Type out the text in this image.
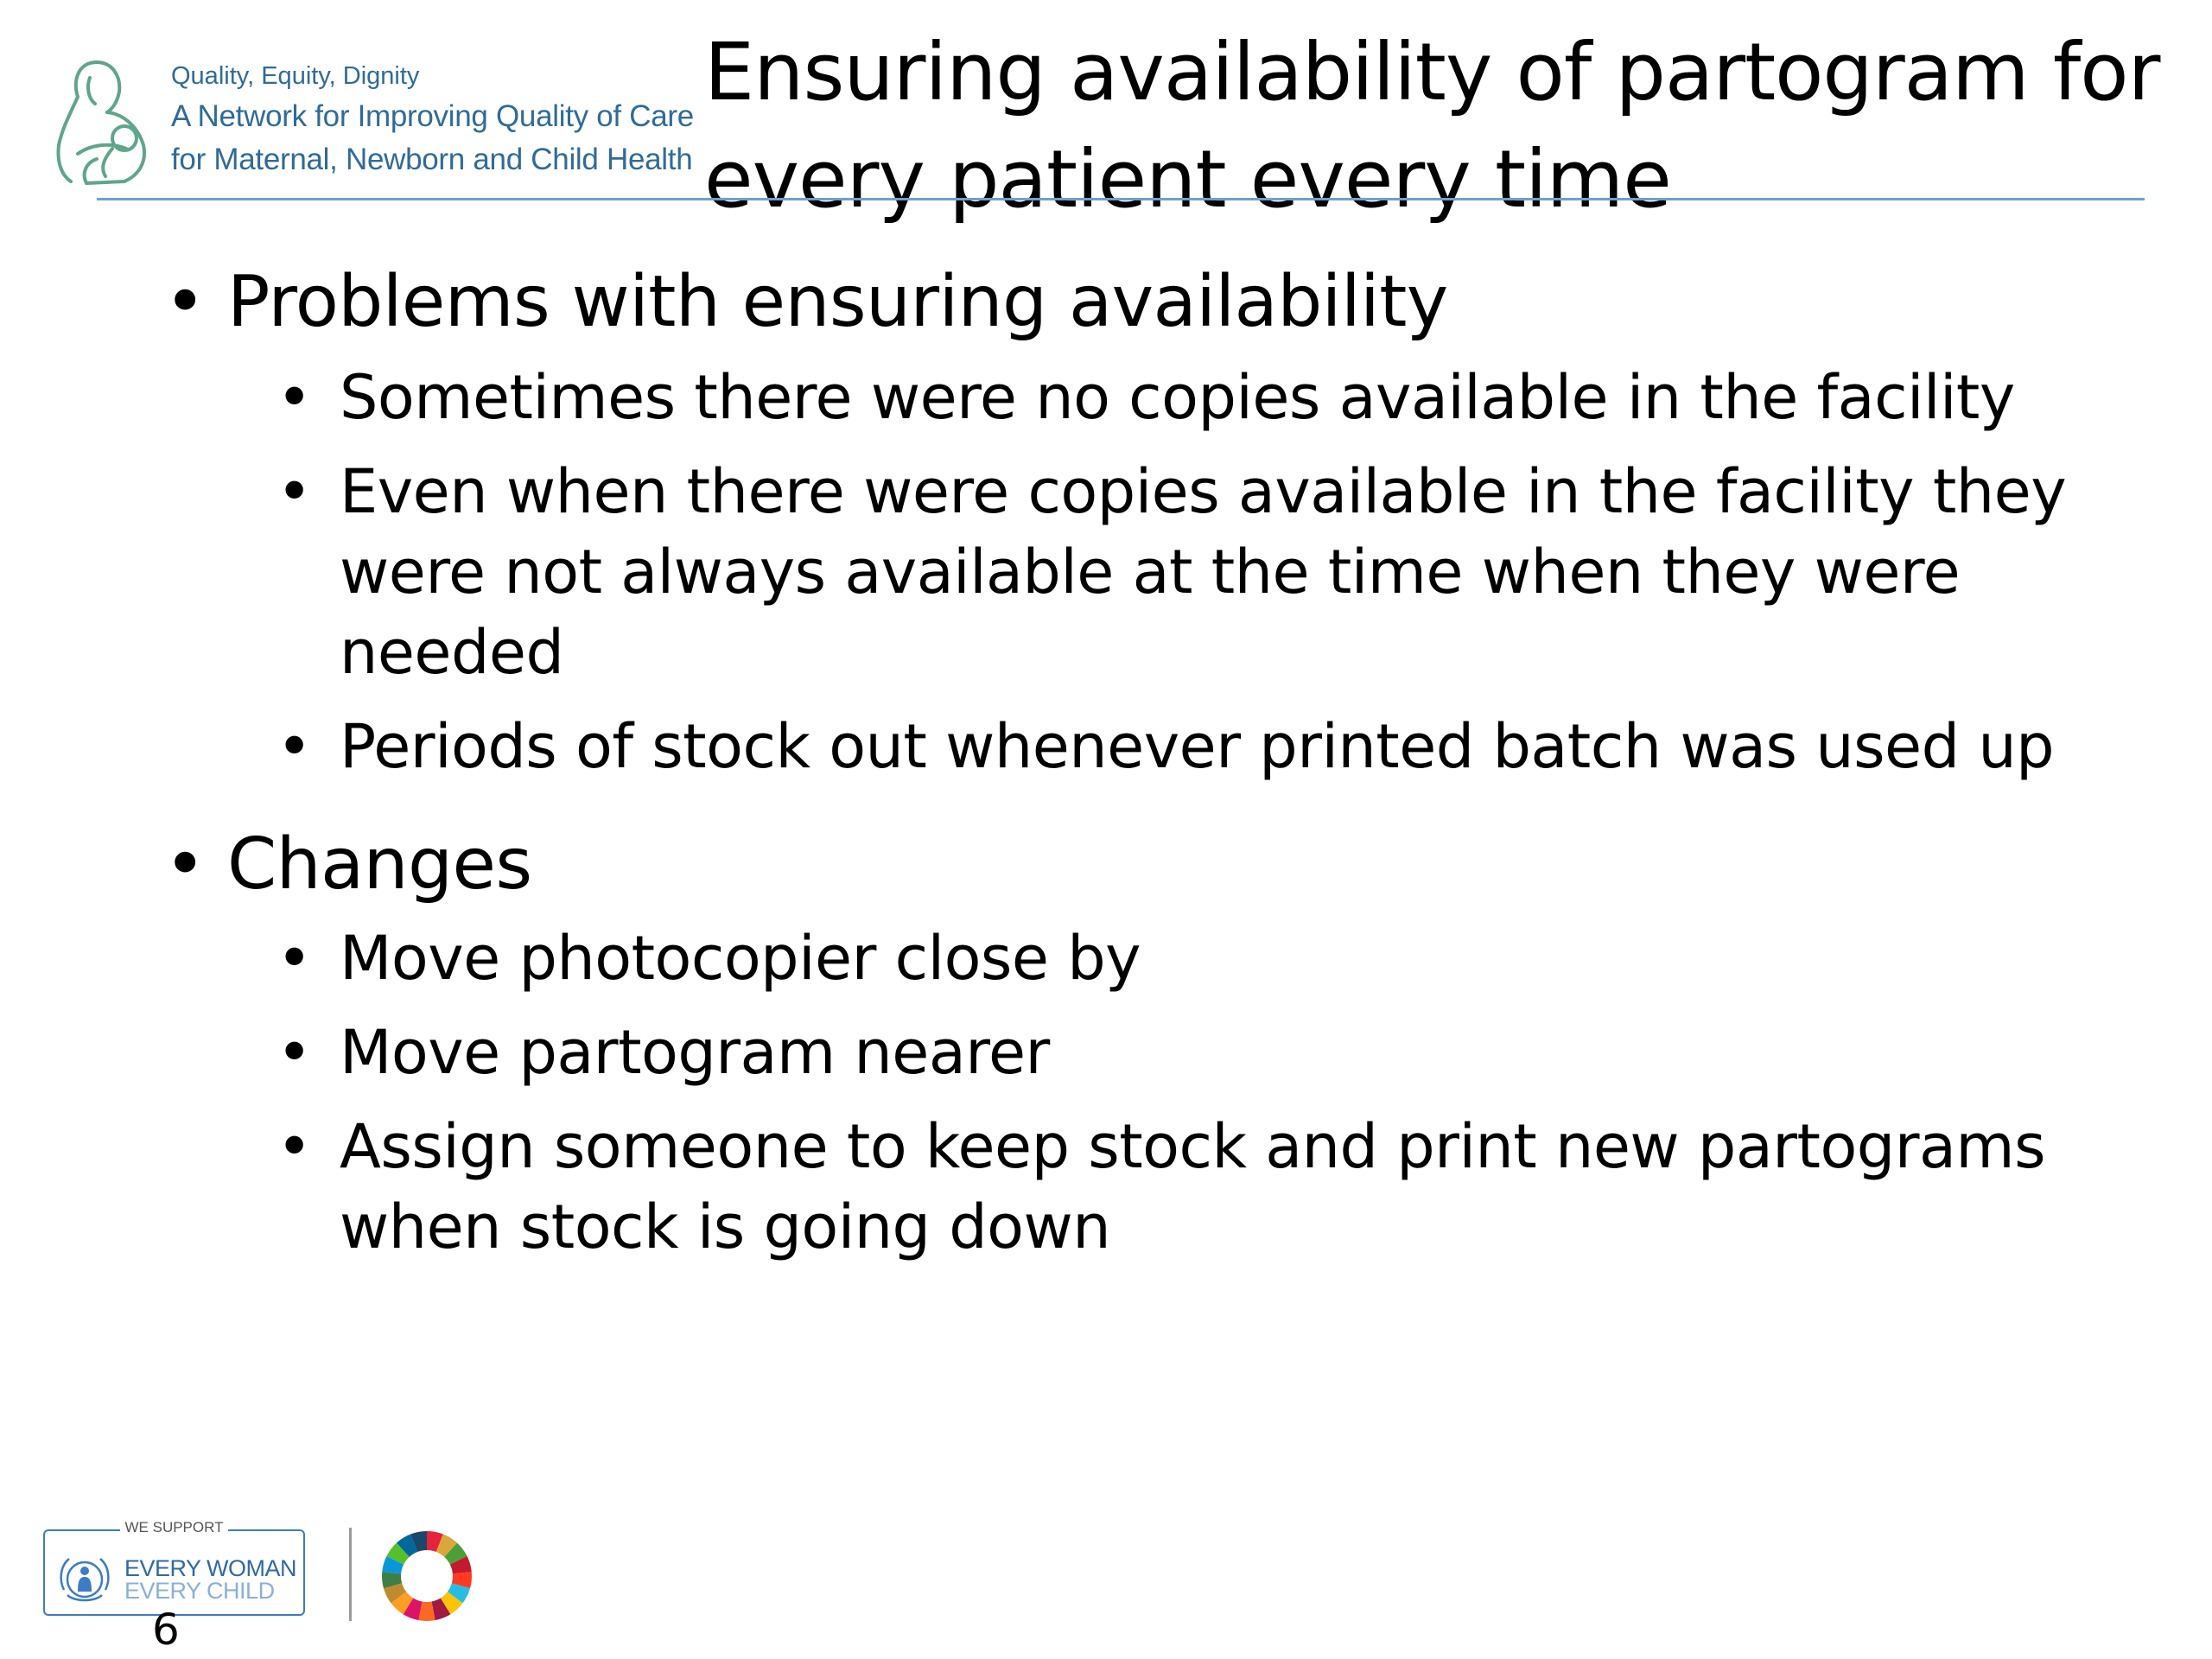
Quality, Equity, Dignity
A Network for Improving Quality of Care
for Maternal, Newborn and Child Health
Ensuring availability of partogram for
every patient every time
• Problems with ensuring availability
• Sometimes there were no copies available in the facility
• Even when there were copies available in the facility they were not always available at the time when they were needed
• Periods of stock out whenever printed batch was used up
• Changes
• Move photocopier close by
• Move partogram nearer
• Assign someone to keep stock and print new partograms when stock is going down
WE SUPPORT
EVERY WOMAN
EVERY CHILD
6
